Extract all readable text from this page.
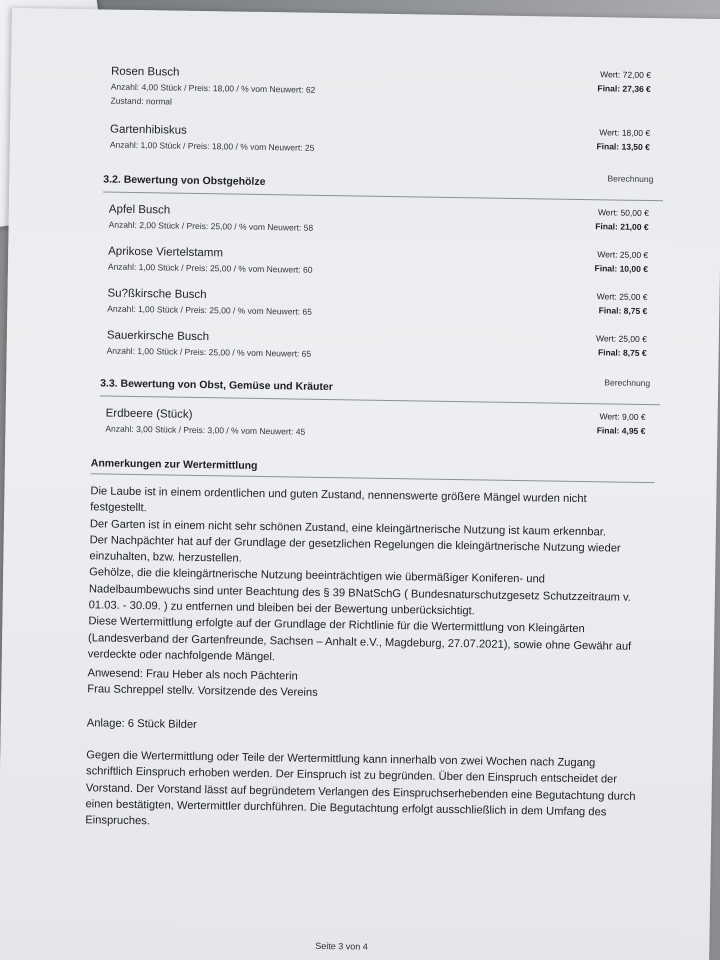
Rosen Busch
Anzahl: 4,00 Stück / Preis: 18,00 / % vom Neuwert: 62
Zustand: normal
Wert: 72,00 €
Final: 27,36 €
Gartenhibiskus
Anzahl: 1,00 Stück / Preis: 18,00 / % vom Neuwert: 25
Wert: 18,00 €
Final: 13,50 €
3.2. Bewertung von Obstgehölze	Berechnung
Apfel Busch
Anzahl: 2,00 Stück / Preis: 25,00 / % vom Neuwert: 58
Wert: 50,00 €
Final: 21,00 €
Aprikose Viertelstamm
Anzahl: 1,00 Stück / Preis: 25,00 / % vom Neuwert: 60
Wert: 25,00 €
Final: 10,00 €
Su?ßkirsche Busch
Anzahl: 1,00 Stück / Preis: 25,00 / % vom Neuwert: 65
Wert: 25,00 €
Final: 8,75 €
Sauerkirsche Busch
Anzahl: 1,00 Stück / Preis: 25,00 / % vom Neuwert: 65
Wert: 25,00 €
Final: 8,75 €
3.3. Bewertung von Obst, Gemüse und Kräuter	Berechnung
Erdbeere (Stück)
Anzahl: 3,00 Stück / Preis: 3,00 / % vom Neuwert: 45
Wert: 9,00 €
Final: 4,95 €
Anmerkungen zur Wertermittlung
Die Laube ist in einem ordentlichen und guten Zustand, nennenswerte größere Mängel wurden nicht
festgestellt.
Der Garten ist in einem nicht sehr schönen Zustand, eine kleingärtnerische Nutzung ist kaum erkennbar.
Der Nachpächter hat auf der Grundlage der gesetzlichen Regelungen die kleingärtnerische Nutzung wieder
einzuhalten, bzw. herzustellen.
Gehölze, die die kleingärtnerische Nutzung beeinträchtigen wie übermäßiger Koniferen- und
Nadelbaumbewuchs sind unter Beachtung des § 39 BNatSchG ( Bundesnaturschutzgesetz Schutzzeitraum v.
01.03. - 30.09. ) zu entfernen und bleiben bei der Bewertung unberücksichtigt.
Diese Wertermittlung erfolgte auf der Grundlage der Richtlinie für die Wertermittlung von Kleingärten
(Landesverband der Gartenfreunde, Sachsen – Anhalt e.V., Magdeburg, 27.07.2021), sowie ohne Gewähr auf
verdeckte oder nachfolgende Mängel.
Anwesend: Frau Heber als noch Pächterin
Frau Schreppel stellv. Vorsitzende des Vereins
Anlage: 6 Stück Bilder
Gegen die Wertermittlung oder Teile der Wertermittlung kann innerhalb von zwei Wochen nach Zugang
schriftlich Einspruch erhoben werden. Der Einspruch ist zu begründen. Über den Einspruch entscheidet der
Vorstand. Der Vorstand lässt auf begründetem Verlangen des Einspruchserhebenden eine Begutachtung durch
einen bestätigten, Wertermittler durchführen. Die Begutachtung erfolgt ausschließlich in dem Umfang des
Einspruches.
Seite 3 von 4
